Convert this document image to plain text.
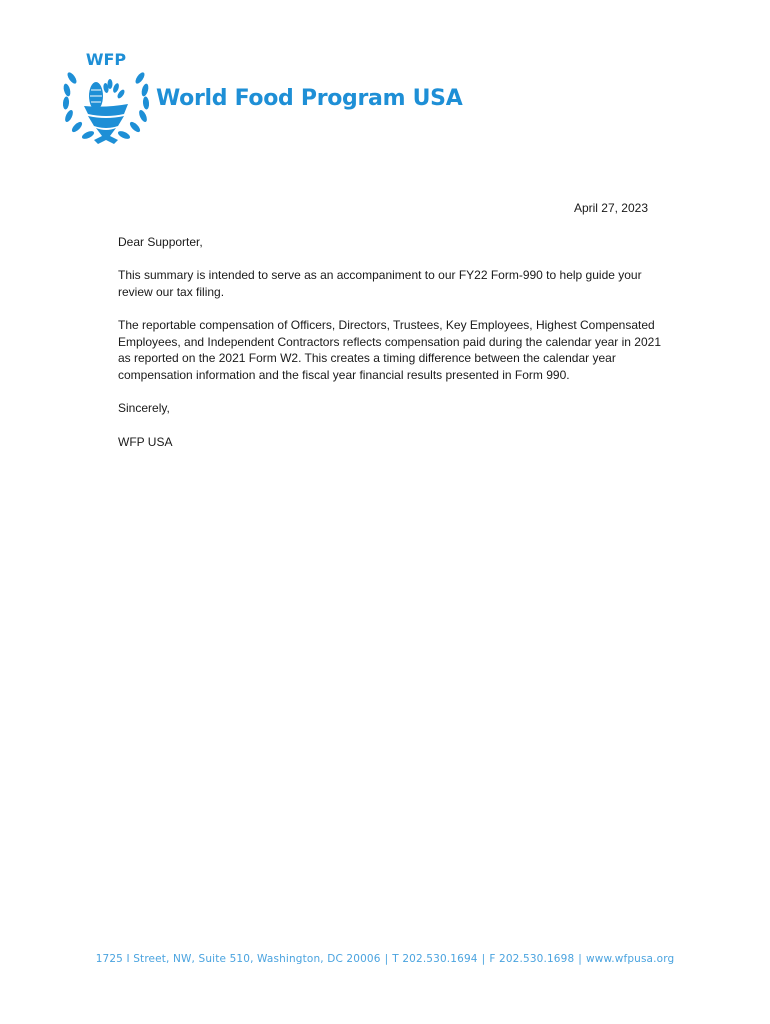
WFP
World Food Program USA

April 27, 2023

Dear Supporter,

This summary is intended to serve as an accompaniment to our FY22 Form-990 to help guide your review our tax filing.

The reportable compensation of Officers, Directors, Trustees, Key Employees, Highest Compensated Employees, and Independent Contractors reflects compensation paid during the calendar year in 2021 as reported on the 2021 Form W2. This creates a timing difference between the calendar year compensation information and the fiscal year financial results presented in Form 990.

Sincerely,

WFP USA

1725 I Street, NW, Suite 510, Washington, DC 20006 | T 202.530.1694 | F 202.530.1698 | www.wfpusa.org
